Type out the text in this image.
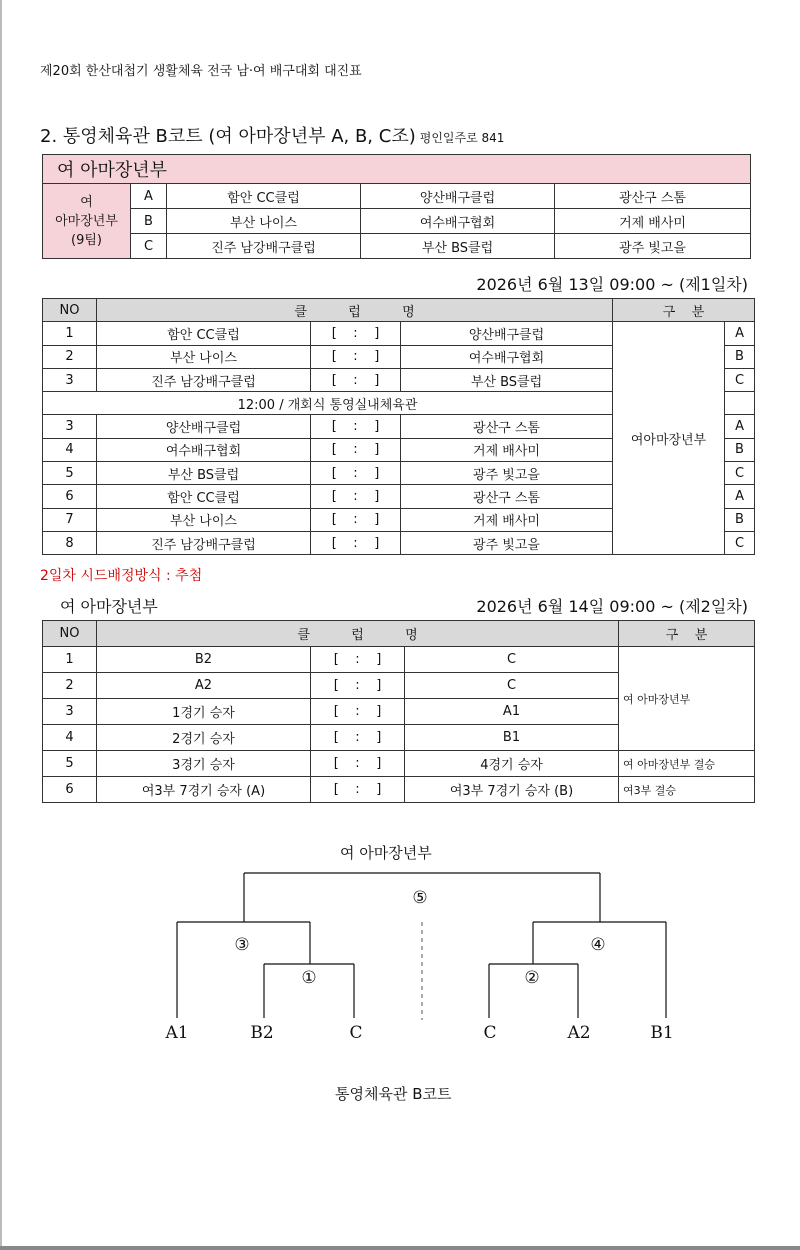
제20회 한산대첩기 생활체육 전국 남·여 배구대회 대진표
2. 통영체육관 B코트 (여 아마장년부 A, B, C조) 평인일주로 841
여 아마장년부				
여
아마장년부
(9팀)	A	함안 CC클럽	양산배구클럽	광산구 스톰
	B	부산 나이스	여수배구협회	거제 배사미
	C	진주 남강배구클럽	부산 BS클럽	광주 빛고을
2026년 6월 13일 09:00 ~ (제1일차)
NO	클          럽          명			구    분	
1	함안 CC클럽	[    :    ]	양산배구클럽	여아마장년부	A
2	부산 나이스	[    :    ]	여수배구협회		B
3	진주 남강배구클럽	[    :    ]	부산 BS클럽		C
12:00 / 개회식 통영실내체육관					
3	양산배구클럽	[    :    ]	광산구 스톰		A
4	여수배구협회	[    :    ]	거제 배사미		B
5	부산 BS클럽	[    :    ]	광주 빛고을		C
6	함안 CC클럽	[    :    ]	광산구 스톰		A
7	부산 나이스	[    :    ]	거제 배사미		B
8	진주 남강배구클럽	[    :    ]	광주 빛고을		C
2일차 시드배정방식 : 추첨
여 아마장년부	2026년 6월 14일 09:00 ~ (제2일차)
NO	클          럽          명			구    분
1	B2	[    :    ]	C	여 아마장년부
2	A2	[    :    ]	C	
3	1경기 승자	[    :    ]	A1	
4	2경기 승자	[    :    ]	B1	
5	3경기 승자	[    :    ]	4경기 승자	여 아마장년부 결승
6	여3부 7경기 승자 (A)	[    :    ]	여3부 7경기 승자 (B)	여3부 결승
여 아마장년부
⑤
③	④
①	②
A1	B2	C	C	A2	B1
통영체육관 B코트
